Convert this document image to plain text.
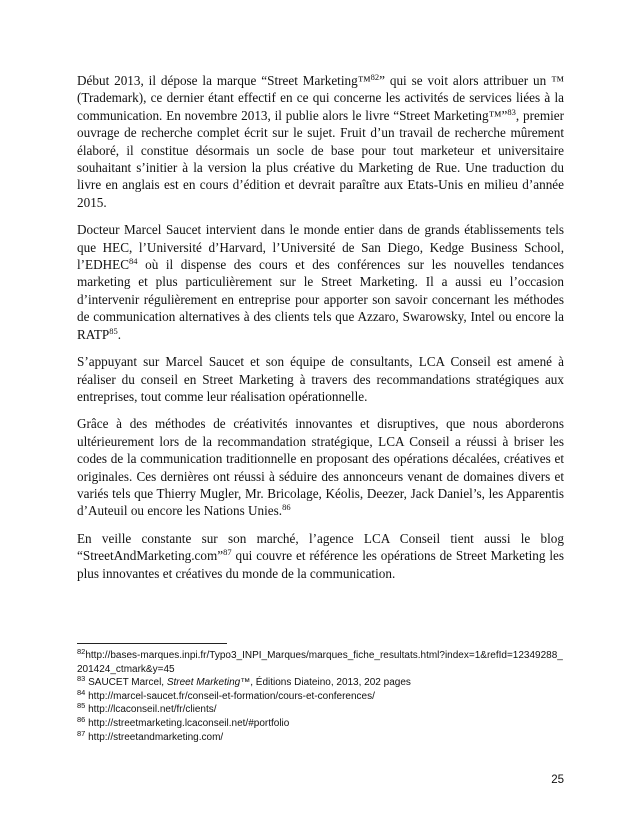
Début 2013, il dépose la marque “Street Marketing™$^{82}$” qui se voit alors attribuer un ™ (Trademark), ce dernier étant effectif en ce qui concerne les activités de services liées à la communication. En novembre 2013, il publie alors le livre “Street Marketing™”$^{83}$, premier ouvrage de recherche complet écrit sur le sujet. Fruit d’un travail de recherche mûrement élaboré, il constitue désormais un socle de base pour tout marketeur et universitaire souhaitant s’initier à la version la plus créative du Marketing de Rue. Une traduction du livre en anglais est en cours d’édition et devrait paraître aux Etats-Unis en milieu d’année 2015.

Docteur Marcel Saucet intervient dans le monde entier dans de grands établissements tels que HEC, l’Université d’Harvard, l’Université de San Diego, Kedge Business School, l’EDHEC$^{84}$ où il dispense des cours et des conférences sur les nouvelles tendances marketing et plus particulièrement sur le Street Marketing. Il a aussi eu l’occasion d’intervenir régulièrement en entreprise pour apporter son savoir concernant les méthodes de communication alternatives à des clients tels que Azzaro, Swarowsky, Intel ou encore la RATP$^{85}$.

S’appuyant sur Marcel Saucet et son équipe de consultants, LCA Conseil est amené à réaliser du conseil en Street Marketing à travers des recommandations stratégiques aux entreprises, tout comme leur réalisation opérationnelle.

Grâce à des méthodes de créativités innovantes et disruptives, que nous aborderons ultérieurement lors de la recommandation stratégique, LCA Conseil a réussi à briser les codes de la communication traditionnelle en proposant des opérations décalées, créatives et originales. Ces dernières ont réussi à séduire des annonceurs venant de domaines divers et variés tels que Thierry Mugler, Mr. Bricolage, Kéolis, Deezer, Jack Daniel’s, les Apparentis d’Auteuil ou encore les Nations Unies.$^{86}$

En veille constante sur son marché, l’agence LCA Conseil tient aussi le blog “StreetAndMarketing.com”$^{87}$ qui couvre et référence les opérations de Street Marketing les plus innovantes et créatives du monde de la communication.

$^{82}$http://bases-marques.inpi.fr/Typo3_INPI_Marques/marques_fiche_resultats.html?index=1&refId=12349288_201424_ctmark&y=45

$^{83}$ SAUCET Marcel, Street Marketing™, Éditions Diateino, 2013, 202 pages

$^{84}$ http://marcel-saucet.fr/conseil-et-formation/cours-et-conferences/

$^{85}$ http://lcaconseil.net/fr/clients/

$^{86}$ http://streetmarketing.lcaconseil.net/#portfolio

$^{87}$ http://streetandmarketing.com/

25
